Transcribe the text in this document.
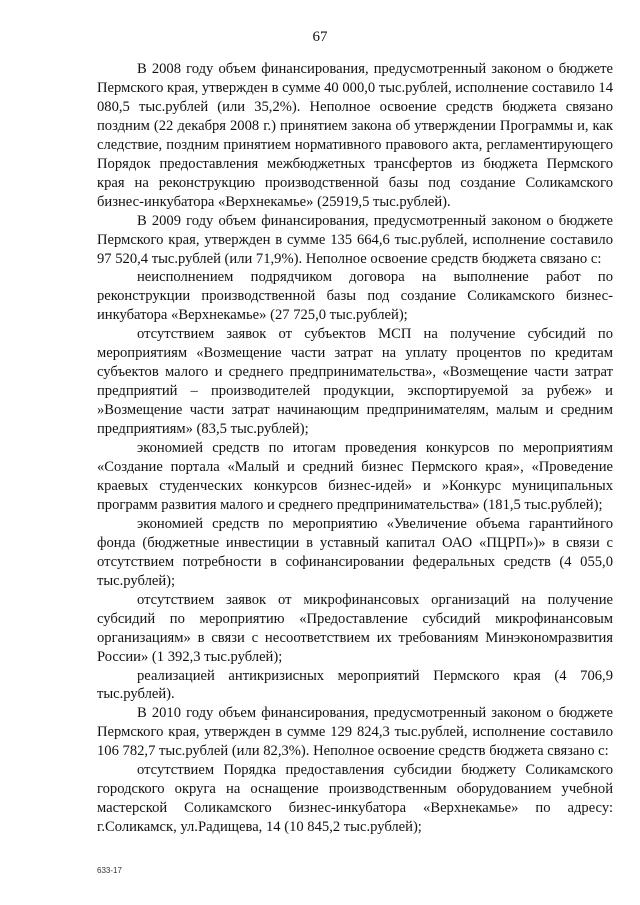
67

В 2008 году объем финансирования, предусмотренный законом о бюджете Пермского края, утвержден в сумме 40 000,0 тыс.рублей, исполнение составило 14 080,5 тыс.рублей (или 35,2%). Неполное освоение средств бюджета связано поздним (22 декабря 2008 г.) принятием закона об утверждении Программы и, как следствие, поздним принятием нормативного правового акта, регламентирующего Порядок предоставления межбюджетных трансфертов из бюджета Пермского края на реконструкцию производственной базы под создание Соликамского бизнес-инкубатора «Верхнекамье» (25919,5 тыс.рублей).

В 2009 году объем финансирования, предусмотренный законом о бюджете Пермского края, утвержден в сумме 135 664,6 тыс.рублей, исполнение составило 97 520,4 тыс.рублей (или 71,9%). Неполное освоение средств бюджета связано с:

неисполнением подрядчиком договора на выполнение работ по реконструкции производственной базы под создание Соликамского бизнес-инкубатора «Верхнекамье» (27 725,0 тыс.рублей);

отсутствием заявок от субъектов МСП на получение субсидий по мероприятиям «Возмещение части затрат на уплату процентов по кредитам субъектов малого и среднего предпринимательства», «Возмещение части затрат предприятий – производителей продукции, экспортируемой за рубеж» и »Возмещение части затрат начинающим предпринимателям, малым и средним предприятиям» (83,5 тыс.рублей);

экономией средств по итогам проведения конкурсов по мероприятиям «Создание портала «Малый и средний бизнес Пермского края», «Проведение краевых студенческих конкурсов бизнес-идей» и »Конкурс муниципальных программ развития малого и среднего предпринимательства» (181,5 тыс.рублей);

экономией средств по мероприятию «Увеличение объема гарантийного фонда (бюджетные инвестиции в уставный капитал ОАО «ПЦРП»)» в связи с отсутствием потребности в софинансировании федеральных средств (4 055,0 тыс.рублей);

отсутствием заявок от микрофинансовых организаций на получение субсидий по мероприятию «Предоставление субсидий микрофинансовым организациям» в связи с несоответствием их требованиям Минэкономразвития России» (1 392,3 тыс.рублей);

реализацией антикризисных мероприятий Пермского края (4 706,9 тыс.рублей).

В 2010 году объем финансирования, предусмотренный законом о бюджете Пермского края, утвержден в сумме 129 824,3 тыс.рублей, исполнение составило 106 782,7 тыс.рублей (или 82,3%). Неполное освоение средств бюджета связано с:

отсутствием Порядка предоставления субсидии бюджету Соликамского городского округа на оснащение производственным оборудованием учебной мастерской Соликамского бизнес-инкубатора «Верхнекамье» по адресу: г.Соликамск, ул.Радищева, 14 (10 845,2 тыс.рублей);

633-17
